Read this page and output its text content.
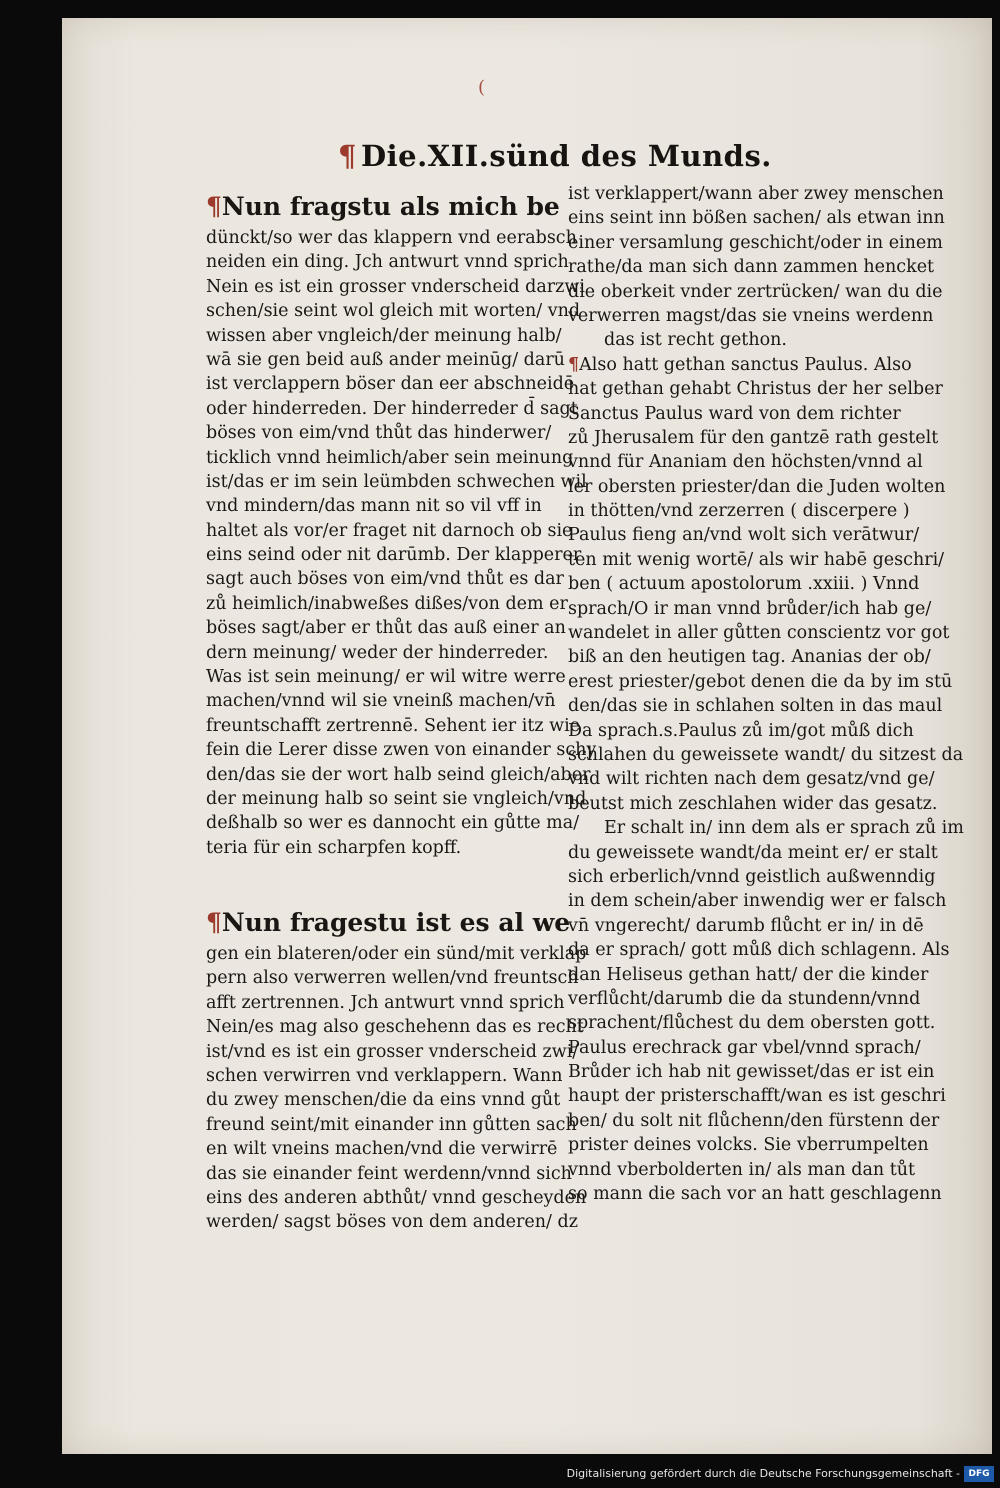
(
¶ Die.XII.sünd des Munds.
¶Nun fragstu als mich be
dünckt/so wer das klappern vnd eerabsch
neiden ein ding. Jch antwurt vnnd sprich
Nein es ist ein grosser vnderscheid darzwi
schen/sie seint wol gleich mit worten/ vnd
wissen aber vngleich/der meinung halb/
wā sie gen beid auß ander meinūg/ darū
ist verclappern böser dan eer abschneidē
oder hinderreden. Der hinderreder d̄ sagt
böses von eim/vnd thůt das hinderwer/
ticklich vnnd heimlich/aber sein meinung
ist/das er im sein leümbden schwechen wil
vnd mindern/das mann nit so vil vff in
haltet als vor/er fraget nit darnoch ob sie
eins seind oder nit darūmb. Der klapperer
sagt auch böses von eim/vnd thůt es dar
zů heimlich/inabweßes dißes/von dem er
böses sagt/aber er thůt das auß einer an
dern meinung/ weder der hinderreder.
Was ist sein meinung/ er wil witre werre
machen/vnnd wil sie vneinß machen/vn̄
freuntschafft zertrennē. Sehent ier itz wie
fein die Lerer disse zwen von einander schy
den/das sie der wort halb seind gleich/aber
der meinung halb so seint sie vngleich/vnd
deßhalb so wer es dannocht ein gůtte ma/
teria für ein scharpfen kopff.
¶Nun fragestu ist es al we
gen ein blateren/oder ein sünd/mit verklap
pern also verwerren wellen/vnd freuntsch
afft zertrennen. Jch antwurt vnnd sprich
Nein/es mag also geschehenn das es recht
ist/vnd es ist ein grosser vnderscheid zwi/
schen verwirren vnd verklappern. Wann
du zwey menschen/die da eins vnnd gůt
freund seint/mit einander inn gůtten sach
en wilt vneins machen/vnd die verwirrē
das sie einander feint werdenn/vnnd sich
eins des anderen abthůt/ vnnd gescheyden
werden/ sagst böses von dem anderen/ dz
ist verklappert/wann aber zwey menschen
eins seint inn bößen sachen/ als etwan inn
einer versamlung geschicht/oder in einem
rathe/da man sich dann zammen hencket
die oberkeit vnder zertrücken/ wan du die
verwerren magst/das sie vneins werdenn
das ist recht gethon.
¶Also hatt gethan sanctus Paulus. Also
hat gethan gehabt Christus der her selber
Sanctus Paulus ward von dem richter
zů Jherusalem für den gantzē rath gestelt
vnnd für Ananiam den höchsten/vnnd al
ler obersten priester/dan die Juden wolten
in thötten/vnd zerzerren ( discerpere )
Paulus fieng an/vnd wolt sich verātwur/
ten mit wenig wortē/ als wir habē geschri/
ben ( actuum apostolorum .xxiii. ) Vnnd
sprach/O ir man vnnd brůder/ich hab ge/
wandelet in aller gůtten conscientz vor got
biß an den heutigen tag. Ananias der ob/
erest priester/gebot denen die da by im stū
den/das sie in schlahen solten in das maul
Da sprach.s.Paulus zů im/got můß dich
schlahen du geweissete wandt/ du sitzest da
vnd wilt richten nach dem gesatz/vnd ge/
beutst mich zeschlahen wider das gesatz.
Er schalt in/ inn dem als er sprach zů im
du geweissete wandt/da meint er/ er stalt
sich erberlich/vnnd geistlich außwenndig
in dem schein/aber inwendig wer er falsch
vn̄ vngerecht/ darumb flůcht er in/ in dē
da er sprach/ gott můß dich schlagenn. Als
dan Heliseus gethan hatt/ der die kinder
verflůcht/darumb die da stundenn/vnnd
sprachent/flůchest du dem obersten gott.
Paulus erechrack gar vbel/vnnd sprach/
Brůder ich hab nit gewisset/das er ist ein
haupt der pristerschafft/wan es ist geschri
ben/ du solt nit flůchenn/den fürstenn der
prister deines volcks. Sie vberrumpelten
vnnd vberbolderten in/ als man dan tůt
so mann die sach vor an hatt geschlagenn
Digitalisierung gefördert durch die Deutsche Forschungsgemeinschaft - DFG
